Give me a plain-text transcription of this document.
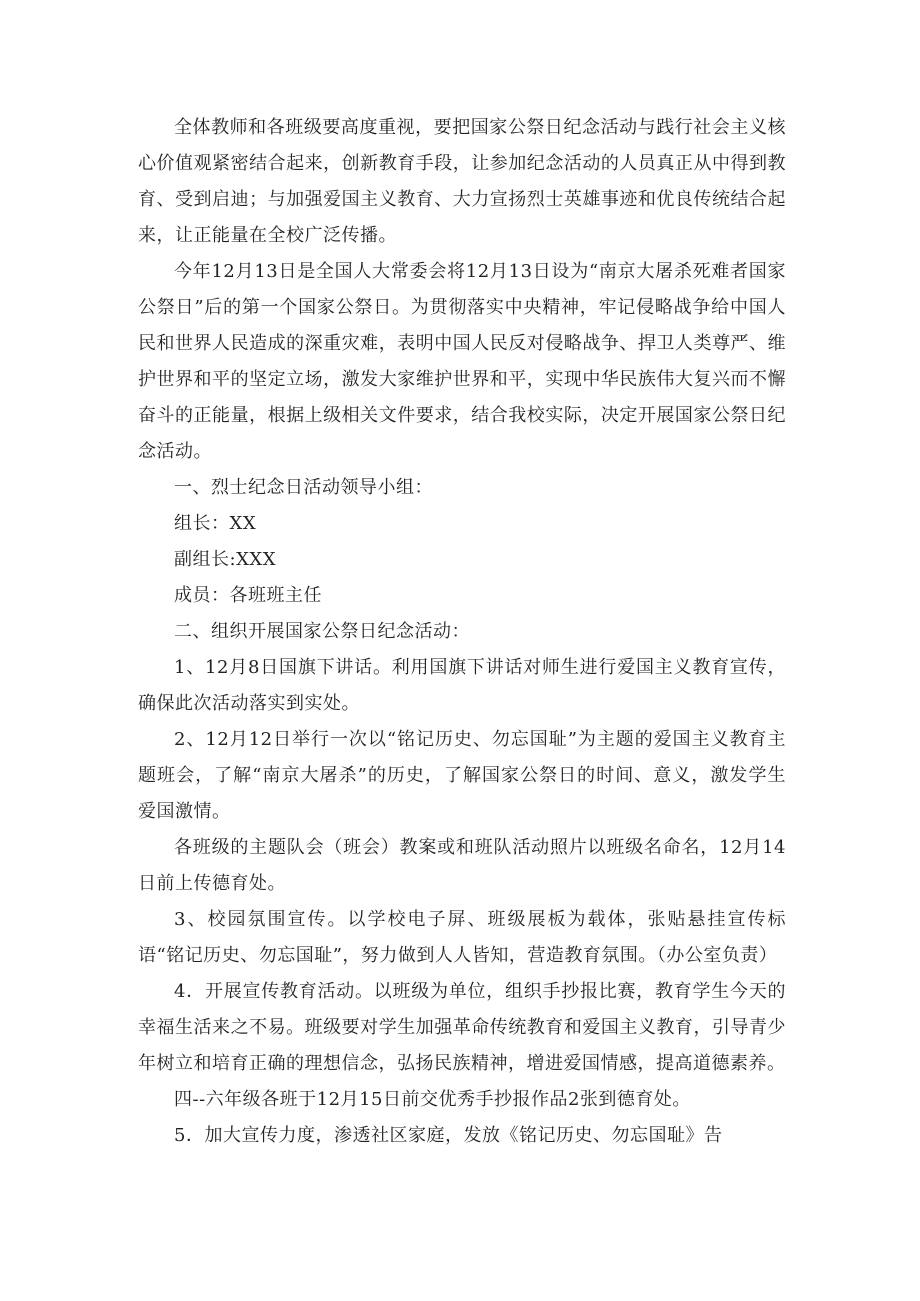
全体教师和各班级要高度重视，要把国家公祭日纪念活动与践行社会主义核心价值观紧密结合起来，创新教育手段，让参加纪念活动的人员真正从中得到教育、受到启迪；与加强爱国主义教育、大力宣扬烈士英雄事迹和优良传统结合起来，让正能量在全校广泛传播。

今年12月13日是全国人大常委会将12月13日设为“南京大屠杀死难者国家公祭日”后的第一个国家公祭日。为贯彻落实中央精神，牢记侵略战争给中国人民和世界人民造成的深重灾难，表明中国人民反对侵略战争、捍卫人类尊严、维护世界和平的坚定立场，激发大家维护世界和平，实现中华民族伟大复兴而不懈奋斗的正能量，根据上级相关文件要求，结合我校实际，决定开展国家公祭日纪念活动。

一、烈士纪念日活动领导小组：

组长：XX

副组长:XXX

成员：各班班主任

二、组织开展国家公祭日纪念活动：

1、12月8日国旗下讲话。利用国旗下讲话对师生进行爱国主义教育宣传，确保此次活动落实到实处。

2、12月12日举行一次以“铭记历史、勿忘国耻”为主题的爱国主义教育主题班会，了解“南京大屠杀”的历史，了解国家公祭日的时间、意义，激发学生爱国激情。

各班级的主题队会（班会）教案或和班队活动照片以班级名命名，12月14日前上传德育处。

3、校园氛围宣传。以学校电子屏、班级展板为载体，张贴悬挂宣传标语“铭记历史、勿忘国耻”，努力做到人人皆知，营造教育氛围。（办公室负责）

4．开展宣传教育活动。以班级为单位，组织手抄报比赛，教育学生今天的幸福生活来之不易。班级要对学生加强革命传统教育和爱国主义教育，引导青少年树立和培育正确的理想信念，弘扬民族精神，增进爱国情感，提高道德素养。

四--六年级各班于12月15日前交优秀手抄报作品2张到德育处。

5．加大宣传力度，渗透社区家庭，发放《铭记历史、勿忘国耻》告
